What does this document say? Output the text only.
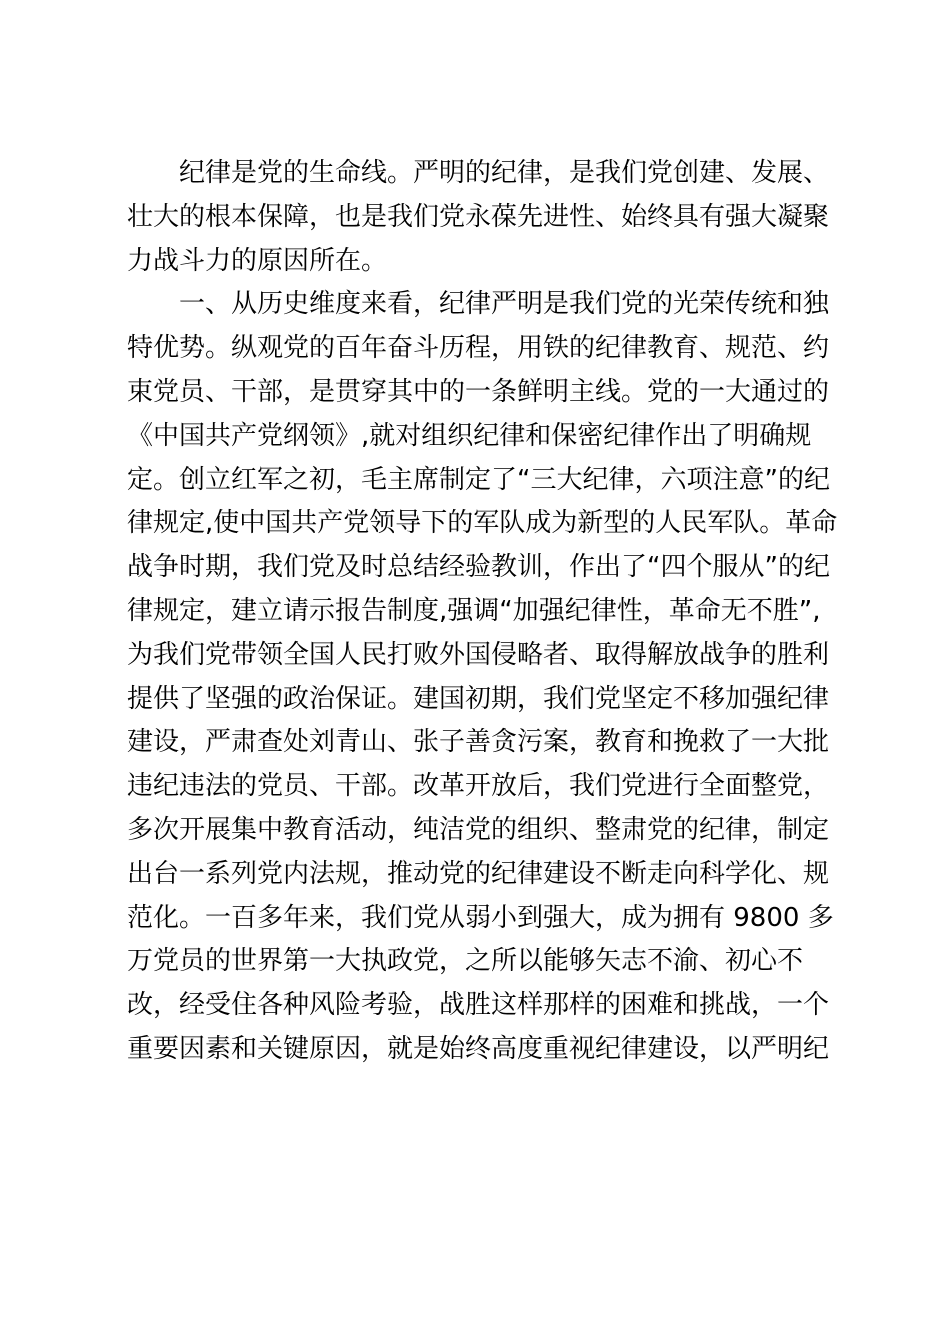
纪律是党的生命线。严明的纪律，是我们党创建、发展、
壮大的根本保障，也是我们党永葆先进性、始终具有强大凝聚
力战斗力的原因所在。
一、从历史维度来看，纪律严明是我们党的光荣传统和独
特优势。纵观党的百年奋斗历程，用铁的纪律教育、规范、约
束党员、干部，是贯穿其中的一条鲜明主线。党的一大通过的
《中国共产党纲领》,就对组织纪律和保密纪律作出了明确规
定。创立红军之初，毛主席制定了“三大纪律，六项注意”的纪
律规定,使中国共产党领导下的军队成为新型的人民军队。革命
战争时期，我们党及时总结经验教训，作出了“四个服从”的纪
律规定，建立请示报告制度,强调“加强纪律性，革命无不胜”,
为我们党带领全国人民打败外国侵略者、取得解放战争的胜利
提供了坚强的政治保证。建国初期，我们党坚定不移加强纪律
建设，严肃查处刘青山、张子善贪污案，教育和挽救了一大批
违纪违法的党员、干部。改革开放后，我们党进行全面整党，
多次开展集中教育活动，纯洁党的组织、整肃党的纪律，制定
出台一系列党内法规，推动党的纪律建设不断走向科学化、规
范化。一百多年来，我们党从弱小到强大，成为拥有 9800 多
万党员的世界第一大执政党，之所以能够矢志不渝、初心不
改，经受住各种风险考验，战胜这样那样的困难和挑战，一个
重要因素和关键原因，就是始终高度重视纪律建设，以严明纪
